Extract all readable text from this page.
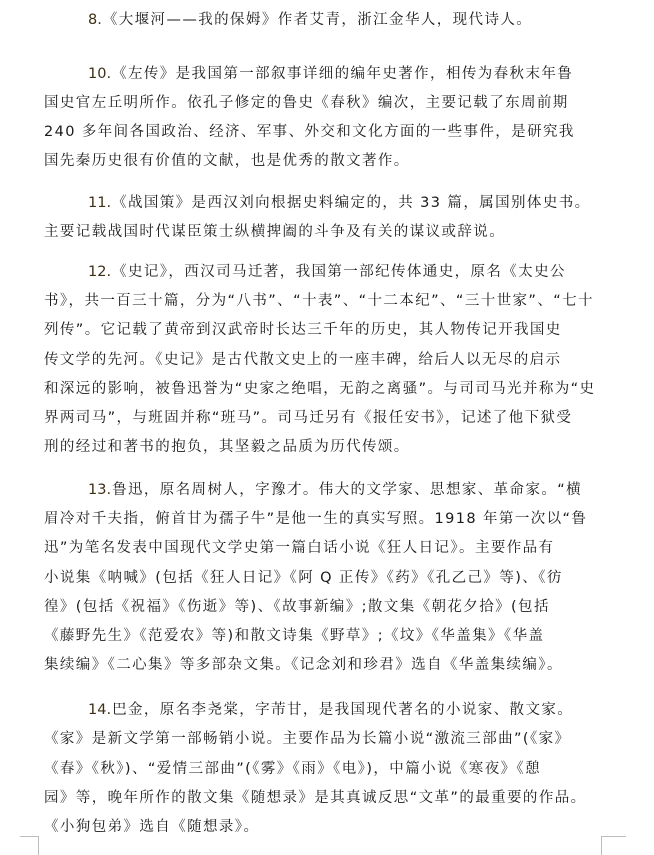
8.《大堰河——我的保姆》作者艾青，浙江金华人，现代诗人。
10.《左传》是我国第一部叙事详细的编年史著作，相传为春秋末年鲁
国史官左丘明所作。依孔子修定的鲁史《春秋》编次，主要记载了东周前期
240 多年间各国政治、经济、军事、外交和文化方面的一些事件，是研究我
国先秦历史很有价值的文献，也是优秀的散文著作。
11.《战国策》是西汉刘向根据史料编定的，共 33 篇，属国别体史书。
主要记载战国时代谋臣策士纵横捭阖的斗争及有关的谋议或辞说。
12.《史记》，西汉司马迁著，我国第一部纪传体通史，原名《太史公
书》，共一百三十篇，分为“八书”、“十表”、“十二本纪”、“三十世家”、“七十
列传”。它记载了黄帝到汉武帝时长达三千年的历史，其人物传记开我国史
传文学的先河。《史记》是古代散文史上的一座丰碑，给后人以无尽的启示
和深远的影响，被鲁迅誉为“史家之绝唱，无韵之离骚”。与司司马光并称为“史
界两司马”，与班固并称“班马”。司马迁另有《报任安书》，记述了他下狱受
刑的经过和著书的抱负，其坚毅之品质为历代传颂。
13.鲁迅，原名周树人，字豫才。伟大的文学家、思想家、革命家。“横
眉冷对千夫指，俯首甘为孺子牛”是他一生的真实写照。1918 年第一次以“鲁
迅”为笔名发表中国现代文学史第一篇白话小说《狂人日记》。主要作品有
小说集《呐喊》(包括《狂人日记》《阿 Q 正传》《药》《孔乙己》等)、《彷
徨》(包括《祝福》《伤逝》等)、《故事新编》;散文集《朝花夕拾》(包括
《藤野先生》《范爱农》等)和散文诗集《野草》;《坟》《华盖集》《华盖
集续编》《二心集》等多部杂文集。《记念刘和珍君》选自《华盖集续编》。
14.巴金，原名李尧棠，字芾甘，是我国现代著名的小说家、散文家。
《家》是新文学第一部畅销小说。主要作品为长篇小说“激流三部曲”(《家》
《春》《秋》)、“爱情三部曲”(《雾》《雨》《电》)，中篇小说《寒夜》《憩
园》等，晚年所作的散文集《随想录》是其真诚反思“文革”的最重要的作品。
《小狗包弟》选自《随想录》。
